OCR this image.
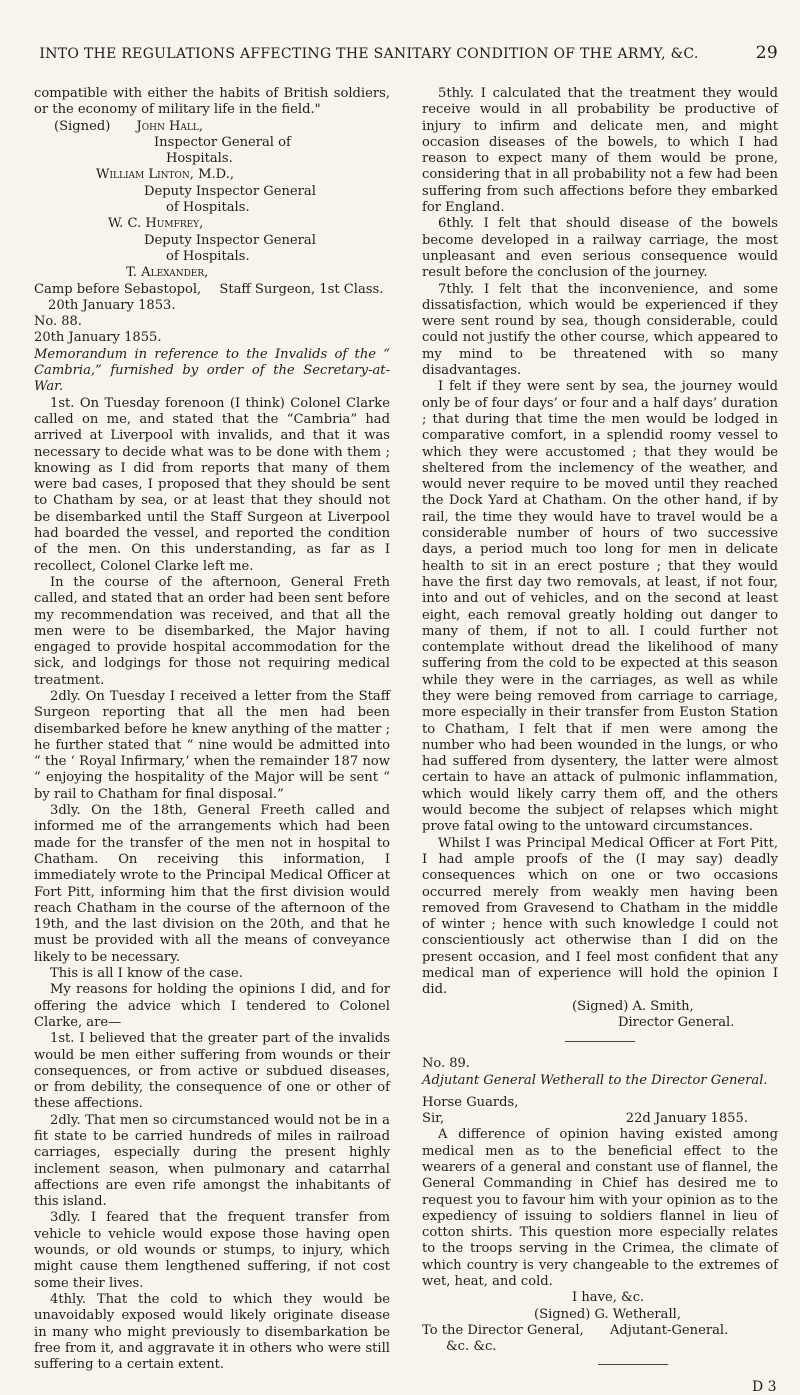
INTO THE REGULATIONS AFFECTING THE SANITARY CONDITION OF THE ARMY, &C.	29

compatible with either the habits of British soldiers, or the economy of military life in the field."

(Signed) John Hall,

Inspector General of

Hospitals.

William Linton, M.D.,

Deputy Inspector General

of Hospitals.

W. C. Humfrey,

Deputy Inspector General

of Hospitals.

T. Alexander,

Camp before Sebastopol, Staff Surgeon, 1st Class.

20th January 1853.

No. 88.

20th January 1855.

Memorandum in reference to the Invalids of the “ Cambria,” furnished by order of the Secretary-at-War.

1st. On Tuesday forenoon (I think) Colonel Clarke called on me, and stated that the “Cambria” had arrived at Liverpool with invalids, and that it was necessary to decide what was to be done with them ; knowing as I did from reports that many of them were bad cases, I proposed that they should be sent to Chatham by sea, or at least that they should not be disembarked until the Staff Surgeon at Liverpool had boarded the vessel, and reported the condition of the men. On this understanding, as far as I recollect, Colonel Clarke left me.

In the course of the afternoon, General Freth called, and stated that an order had been sent before my recommendation was received, and that all the men were to be disembarked, the Major having engaged to provide hospital accommodation for the sick, and lodgings for those not requiring medical treatment.

2dly. On Tuesday I received a letter from the Staff Surgeon reporting that all the men had been disembarked before he knew anything of the matter ; he further stated that “ nine would be admitted into “ the ‘ Royal Infirmary,’ when the remainder 187 now “ enjoying the hospitality of the Major will be sent “ by rail to Chatham for final disposal.”

3dly. On the 18th, General Freeth called and informed me of the arrangements which had been made for the transfer of the men not in hospital to Chatham. On receiving this information, I immediately wrote to the Principal Medical Officer at Fort Pitt, informing him that the first division would reach Chatham in the course of the afternoon of the 19th, and the last division on the 20th, and that he must be provided with all the means of conveyance likely to be necessary.

This is all I know of the case.

My reasons for holding the opinions I did, and for offering the advice which I tendered to Colonel Clarke, are—

1st. I believed that the greater part of the invalids would be men either suffering from wounds or their consequences, or from active or subdued diseases, or from debility, the consequence of one or other of these affections.

2dly. That men so circumstanced would not be in a fit state to be carried hundreds of miles in railroad carriages, especially during the present highly inclement season, when pulmonary and catarrhal affections are even rife amongst the inhabitants of this island.

3dly. I feared that the frequent transfer from vehicle to vehicle would expose those having open wounds, or old wounds or stumps, to injury, which might cause them lengthened suffering, if not cost some their lives.

4thly. That the cold to which they would be unavoidably exposed would likely originate disease in many who might previously to disembarkation be free from it, and aggravate it in others who were still suffering to a certain extent.

5thly. I calculated that the treatment they would receive would in all probability be productive of injury to infirm and delicate men, and might occasion diseases of the bowels, to which I had reason to expect many of them would be prone, considering that in all probability not a few had been suffering from such affections before they embarked for England.

6thly. I felt that should disease of the bowels become developed in a railway carriage, the most unpleasant and even serious consequence would result before the conclusion of the journey.

7thly. I felt that the inconvenience, and some dissatisfaction, which would be experienced if they were sent round by sea, though considerable, could could not justify the other course, which appeared to my mind to be threatened with so many disadvantages.

I felt if they were sent by sea, the journey would only be of four days’ or four and a half days’ duration ; that during that time the men would be lodged in comparative comfort, in a splendid roomy vessel to which they were accustomed ; that they would be sheltered from the inclemency of the weather, and would never require to be moved until they reached the Dock Yard at Chatham. On the other hand, if by rail, the time they would have to travel would be a considerable number of hours of two successive days, a period much too long for men in delicate health to sit in an erect posture ; that they would have the first day two removals, at least, if not four, into and out of vehicles, and on the second at least eight, each removal greatly holding out danger to many of them, if not to all. I could further not contemplate without dread the likelihood of many suffering from the cold to be expected at this season while they were in the carriages, as well as while they were being removed from carriage to carriage, more especially in their transfer from Euston Station to Chatham, I felt that if men were among the number who had been wounded in the lungs, or who had suffered from dysentery, the latter were almost certain to have an attack of pulmonic inflammation, which would likely carry them off, and the others would become the subject of relapses which might prove fatal owing to the untoward circumstances.

Whilst I was Principal Medical Officer at Fort Pitt, I had ample proofs of the (I may say) deadly consequences which on one or two occasions occurred merely from weakly men having been removed from Gravesend to Chatham in the middle of winter ; hence with such knowledge I could not conscientiously act otherwise than I did on the present occasion, and I feel most confident that any medical man of experience will hold the opinion I did.

(Signed) A. Smith,

Director General.

No. 89.

Adjutant General Wetherall to the Director General.

Horse Guards,

Sir,	22d January 1855.

A difference of opinion having existed among medical men as to the beneficial effect to the wearers of a general and constant use of flannel, the General Commanding in Chief has desired me to request you to favour him with your opinion as to the expediency of issuing to soldiers flannel in lieu of cotton shirts. This question more especially relates to the troops serving in the Crimea, the climate of which country is very changeable to the extremes of wet, heat, and cold.

I have, &c.

(Signed) G. Wetherall,

To the Director General, Adjutant-General.

&c. &c.

D 3
